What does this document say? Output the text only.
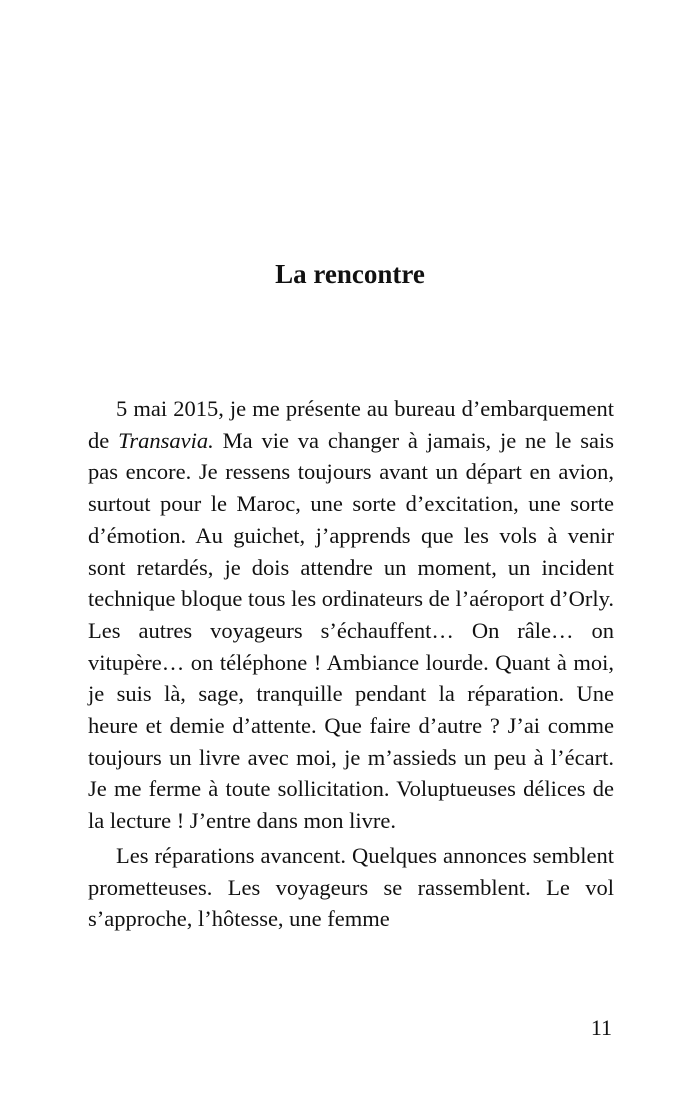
La rencontre

5 mai 2015, je me présente au bureau d’embarquement de Transavia. Ma vie va changer à jamais, je ne le sais pas encore. Je ressens toujours avant un départ en avion, surtout pour le Maroc, une sorte d’excitation, une sorte d’émotion. Au guichet, j’apprends que les vols à venir sont retardés, je dois attendre un moment, un incident technique bloque tous les ordinateurs de l’aéroport d’Orly. Les autres voyageurs s’échauffent… On râle… on vitupère… on téléphone ! Ambiance lourde. Quant à moi, je suis là, sage, tranquille pendant la réparation. Une heure et demie d’attente. Que faire d’autre ? J’ai comme toujours un livre avec moi, je m’assieds un peu à l’écart. Je me ferme à toute sollicitation. Voluptueuses délices de la lecture ! J’entre dans mon livre.

Les réparations avancent. Quelques annonces semblent prometteuses. Les voyageurs se rassemblent. Le vol s’approche, l’hôtesse, une femme

11
